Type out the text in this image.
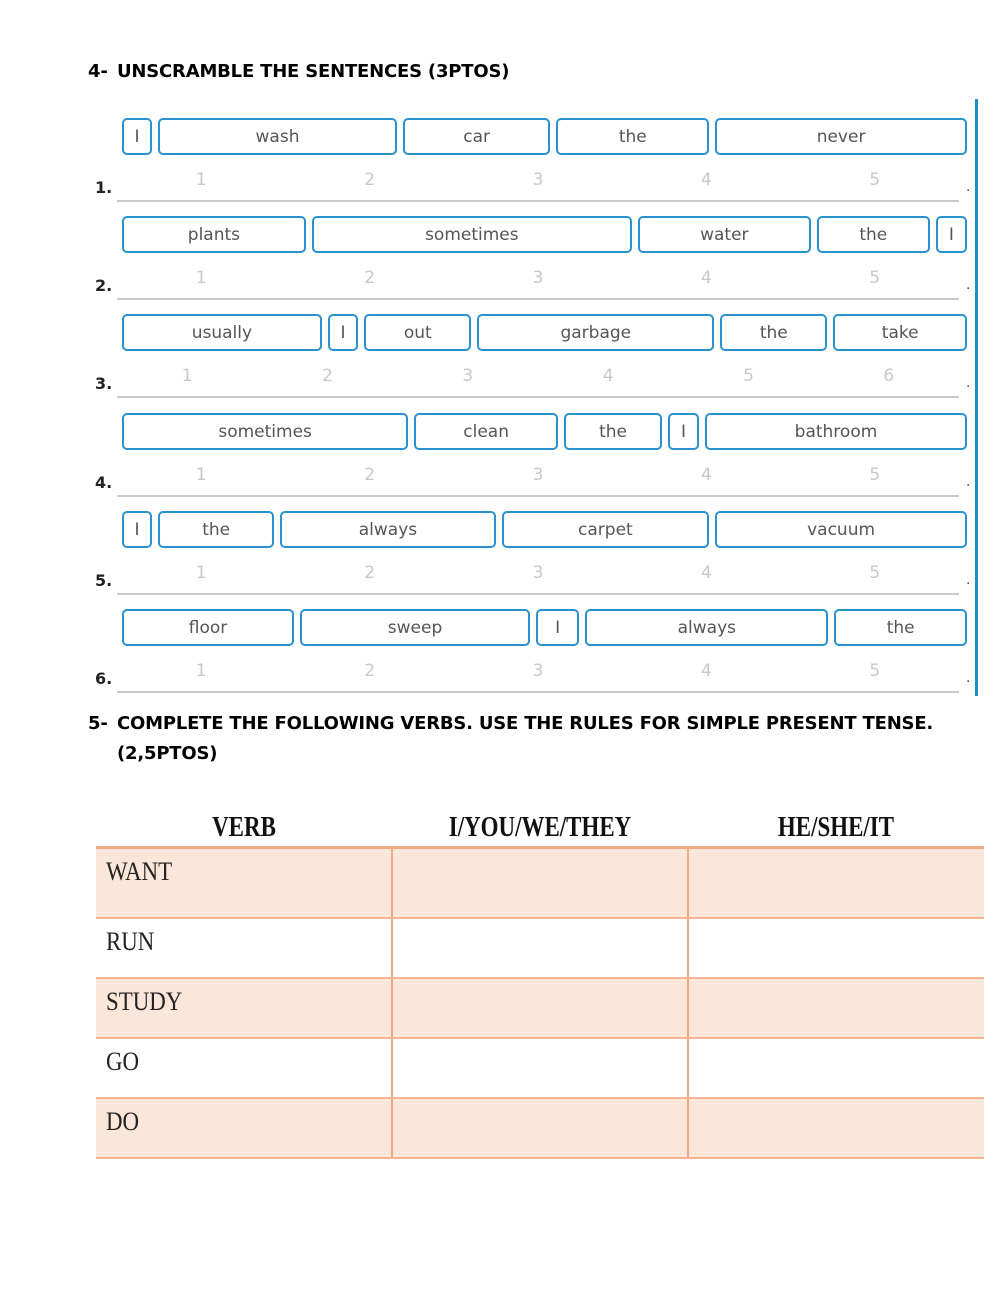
4- UNSCRAMBLE THE SENTENCES (3PTOS)
I	wash	car	the	never
1.	1	2	3	4	5	.
plants	sometimes	water	the	I
2.	1	2	3	4	5	.
usually	I	out	garbage	the	take
3.	1	2	3	4	5	6	.
sometimes	clean	the	I	bathroom
4.	1	2	3	4	5	.
I	the	always	carpet	vacuum
5.	1	2	3	4	5	.
floor	sweep	I	always	the
6.	1	2	3	4	5	.
5- COMPLETE THE FOLLOWING VERBS. USE THE RULES FOR SIMPLE PRESENT TENSE.
(2,5PTOS)
VERB	I/YOU/WE/THEY	HE/SHE/IT
WANT		
RUN		
STUDY		
GO		
DO		
